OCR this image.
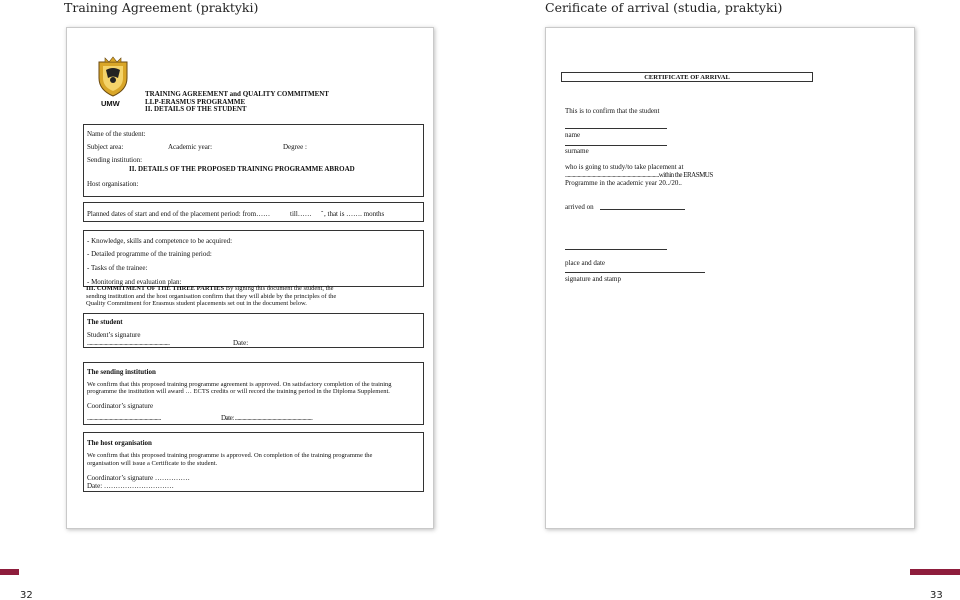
Training Agreement (praktyki)	Cerificate of arrival (studia, praktyki)
UMW
TRAINING AGREEMENT and QUALITY COMMITMENT
LLP-ERASMUS PROGRAMME
II. DETAILS OF THE STUDENT
Name of the student:
Subject area:	Academic year:	Degree :
Sending institution:
II. DETAILS OF THE PROPOSED TRAINING PROGRAMME ABROAD
Host organisation:
Planned dates of start and end of the placement period: from……	till…… - , that is ……. months
- Knowledge, skills and competence to be acquired:
- Detailed programme of the training period:
- Tasks of the trainee:
- Monitoring and evaluation plan:
III. COMMITMENT OF THE THREE PARTIES By signing this document the student, the
sending institution and the host organisation confirm that they will abide by the principles of the
Quality Commitment for Erasmus student placements set out in the document below.
The student
Student’s signature
..................................................................	Date:
The sending institution
We confirm that this proposed training programme agreement is approved. On satisfactory completion of the training
programme the institution will award … ECTS credits or will record the training period in the Diploma Supplement.
Coordinator’s signature
...........................................................	Date: ..............................................................
The host organisation
We confirm that this proposed training programme is approved. On completion of the training programme the
organisation will issue a Certificate to the student.
Coordinator’s signature ……………
Date: …………………………
CERTIFICATE OF ARRIVAL
This is to confirm that the student
name
surname
who is going to study/to take placement at
...........................................................................within the ERASMUS
Programme in the academic year 20../20..
arrived on
place and date
signature and stamp
32	33
